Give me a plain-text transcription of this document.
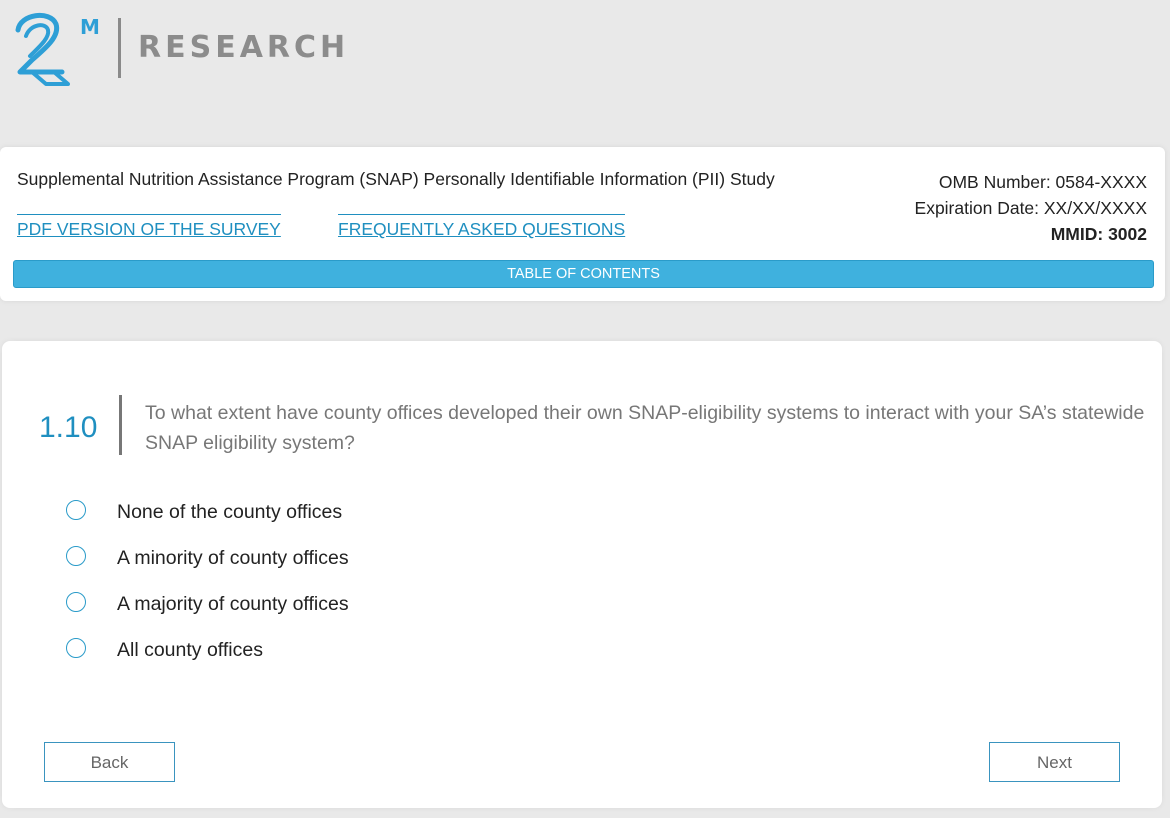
M
RESEARCH
Supplemental Nutrition Assistance Program (SNAP) Personally Identifiable Information (PII) Study	OMB Number: 0584-XXXX
Expiration Date: XX/XX/XXXX
MMID: 3002
PDF VERSION OF THE SURVEY	FREQUENTLY ASKED QUESTIONS
TABLE OF CONTENTS
1.10 To what extent have county offices developed their own SNAP-eligibility systems to interact with your SA’s statewide SNAP eligibility system?
None of the county offices
A minority of county offices
A majority of county offices
All county offices
Back	Next
